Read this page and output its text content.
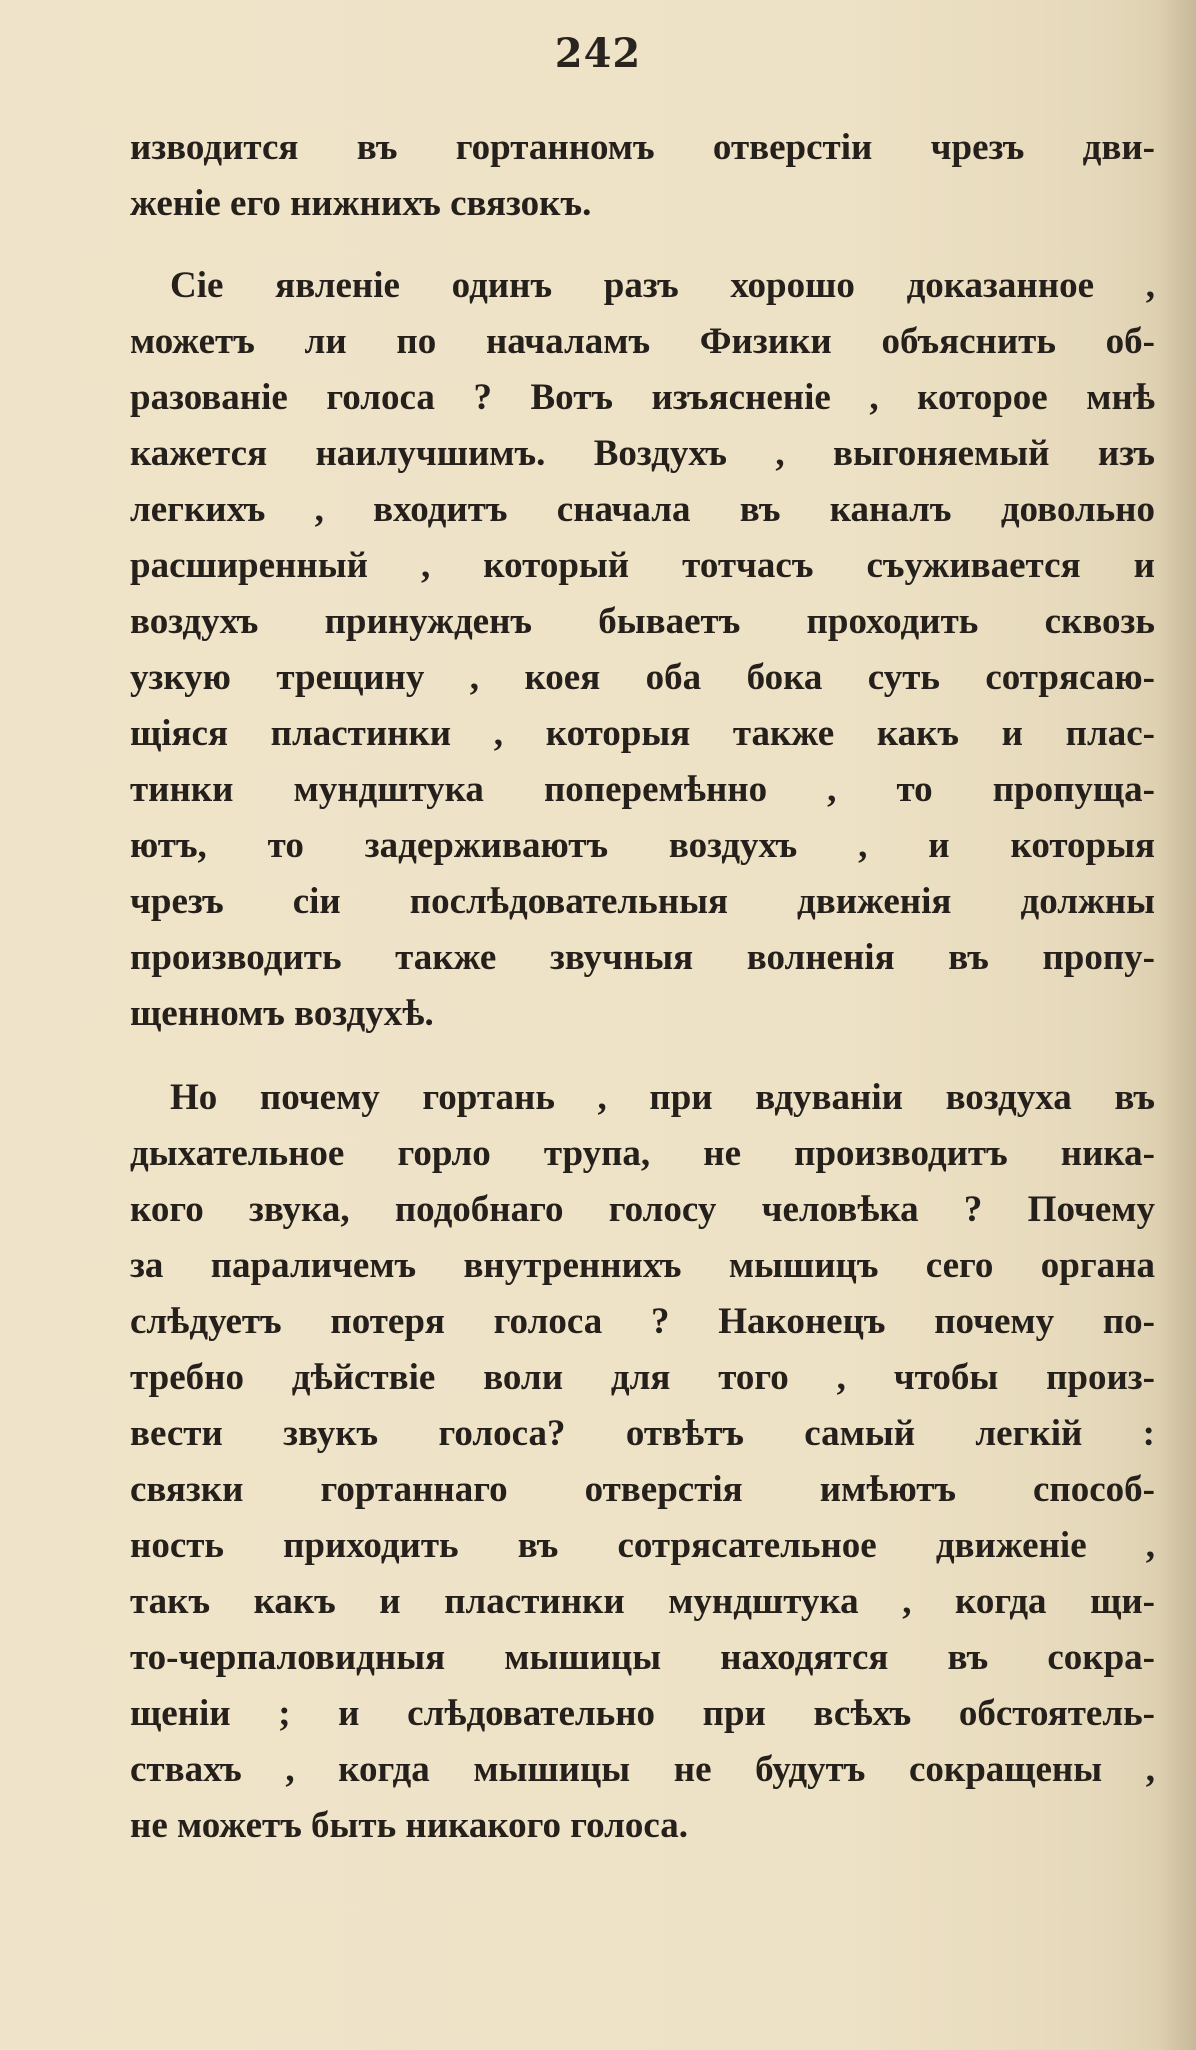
242
изводится въ гортанномъ отверстiи чрезъ дви-
женiе его нижнихъ связокъ.
Сiе явленiе одинъ разъ хорошо доказанное ,
можетъ ли по началамъ Физики объяснить об-
разованiе голоса ? Вотъ изъясненiе , которое мнѣ
кажется наилучшимъ. Воздухъ , выгоняемый изъ
легкихъ , входитъ сначала въ каналъ довольно
расширенный , который тотчасъ съуживается и
воздухъ принужденъ бываетъ проходить сквозь
узкую трещину , коея оба бока суть сотрясаю-
щiяся пластинки , которыя также какъ и плас-
тинки мундштука поперемѣнно , то пропуща-
ютъ, то задерживаютъ воздухъ , и которыя
чрезъ сiи послѣдовательныя движенiя должны
производить также звучныя волненiя въ пропу-
щенномъ воздухѣ.
Но почему гортань , при вдуванiи воздуха въ
дыхательное горло трупа, не производитъ ника-
кого звука, подобнаго голосу человѣка ? Почему
за параличемъ внутреннихъ мышицъ сего органа
слѣдуетъ потеря голоса ? Наконецъ почему по-
требно дѣйствiе воли для того , чтобы произ-
вести звукъ голоса? отвѣтъ самый легкiй :
связки гортаннаго отверстiя имѣютъ способ-
ность приходить въ сотрясательное движенiе ,
такъ какъ и пластинки мундштука , когда щи-
то-черпаловидныя мышицы находятся въ сокра-
щенiи ; и слѣдовательно при всѣхъ обстоятель-
ствахъ , когда мышицы не будутъ сокращены ,
не можетъ быть никакого голоса.
